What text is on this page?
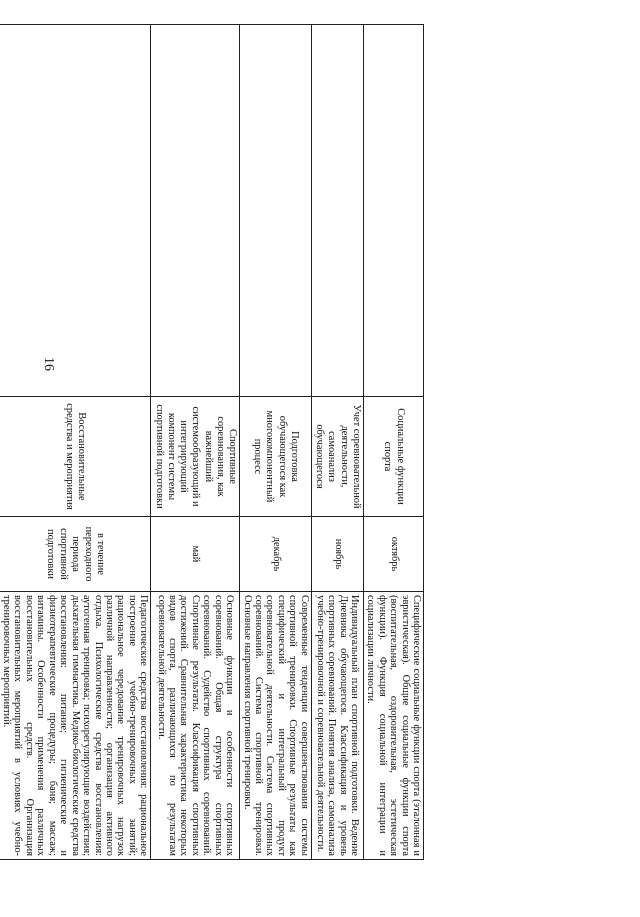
16
	Социальные функции спорта	октябрь	Специфические социальные функции спорта (эталонная и эвристическая). Общие социальные функции спорта (воспитательная, оздоровительная, эстетическая функции). Функция социальной интеграции и социализации личности.
	Учет соревновательной деятельности, самоанализ обучающегося	ноябрь	Индивидуальный план спортивной подготовки. Ведение Дневника обучающегося. Классификация и уровень спортивных соревнований. Понятия анализа, самоанализа учебно-тренировочной и соревновательной деятельности.
	Подготовка обучающегося как многокомпонентный процесс	декабрь	Современные тенденции совершенствования системы спортивной тренировки. Спортивные результаты как специфический и интегральный продукт соревновательной деятельности. Система спортивных соревнований. Система спортивной тренировки. Основные направления спортивной тренировки.
	Спортивные соревнования, как важнейший системообразующий и интегрирующий компонент системы спортивной подготовки	май	Основные функции и особенности спортивных соревнований. Общая структура спортивных соревнований. Судейство спортивных соревнований. Спортивные результаты. Классификация спортивных достижений. Сравнительная характеристика некоторых видов спорта, различающихся по результатам соревновательной деятельности.
	Восстановительные средства и мероприятия	в течение переходного периода спортивной подготовки	Педагогические средства восстановления: рациональное построение учебно-тренировочных занятий; рациональное чередование тренировочных нагрузок различной направленности; организация активного отдыха. Психологические средства восстановления: аутогенная тренировка; психорегулирующие воздействия; дыхательная гимнастика. Медико-биологические средства восстановления: питание; гигиенические и физиотерапевтические процедуры; баня; массаж; витамины. Особенности применения различных восстановительных средств. Организация восстановительных мероприятий в условиях учебно-тренировочных мероприятий.
